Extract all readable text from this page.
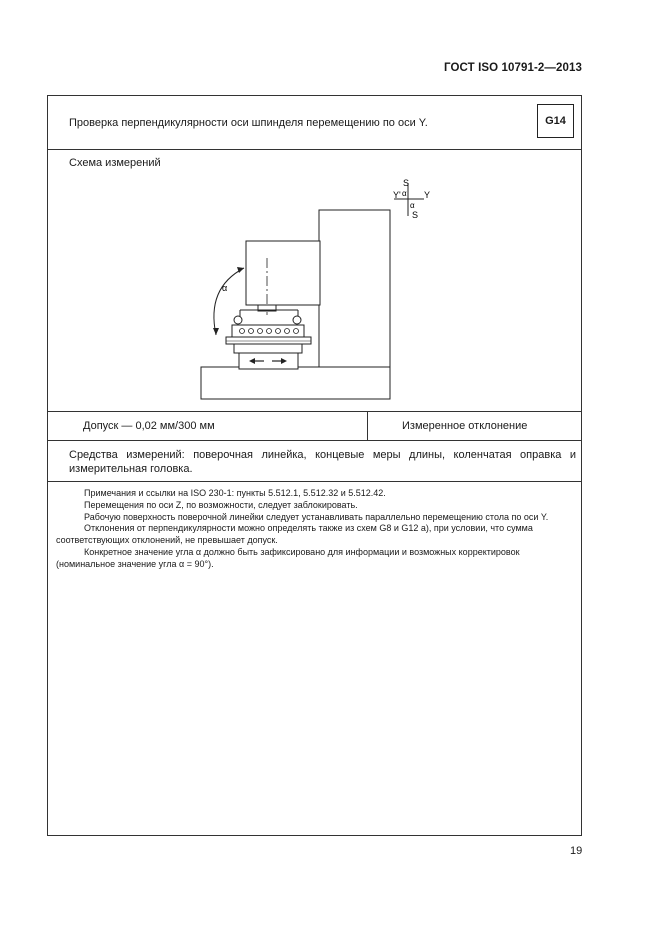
ГОСТ ISO 10791-2—2013
Проверка перпендикулярности оси шпинделя перемещению по оси Y.	G14
S
Y'	Y
α
α
S
α
Схема измерений
Допуск — 0,02 мм/300 мм	Измеренное отклонение
Средства измерений: поверочная линейка, концевые меры длины, коленчатая оправка и измерительная головка.

Примечания и ссылки на ISO 230-1: пункты 5.512.1, 5.512.32 и 5.512.42.

Перемещения по оси Z, по возможности, следует заблокировать.

Рабочую поверхность поверочной линейки следует устанавливать параллельно перемещению стола по оси Y.

Отклонения от перпендикулярности можно определять также из схем G8 и G12 а), при условии, что сумма соответствующих отклонений, не превышает допуск.

Конкретное значение угла α должно быть зафиксировано для информации и возможных корректировок (номинальное значение угла α = 90°).

19
